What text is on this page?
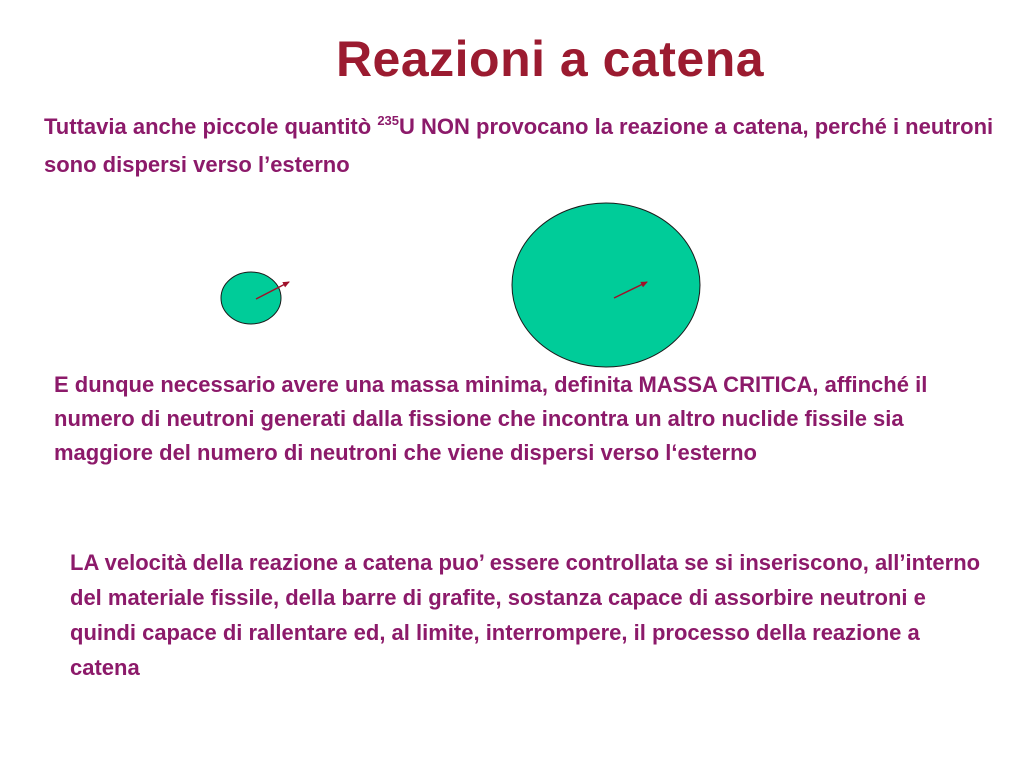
Reazioni a catena
Tuttavia anche piccole quantitò $^{235}$U NON provocano la reazione a catena, perché i neutroni sono dispersi verso l’esterno
E dunque necessario avere una massa minima, definita MASSA CRITICA, affinché il numero di neutroni generati dalla fissione che incontra un altro nuclide fissile sia maggiore del numero di neutroni che viene dispersi verso l‘esterno
LA velocità della reazione a catena puo’ essere controllata se si inseriscono, all’interno del materiale fissile, della barre di grafite, sostanza capace di assorbire neutroni e quindi capace di rallentare ed, al limite, interrompere, il processo della reazione a catena
